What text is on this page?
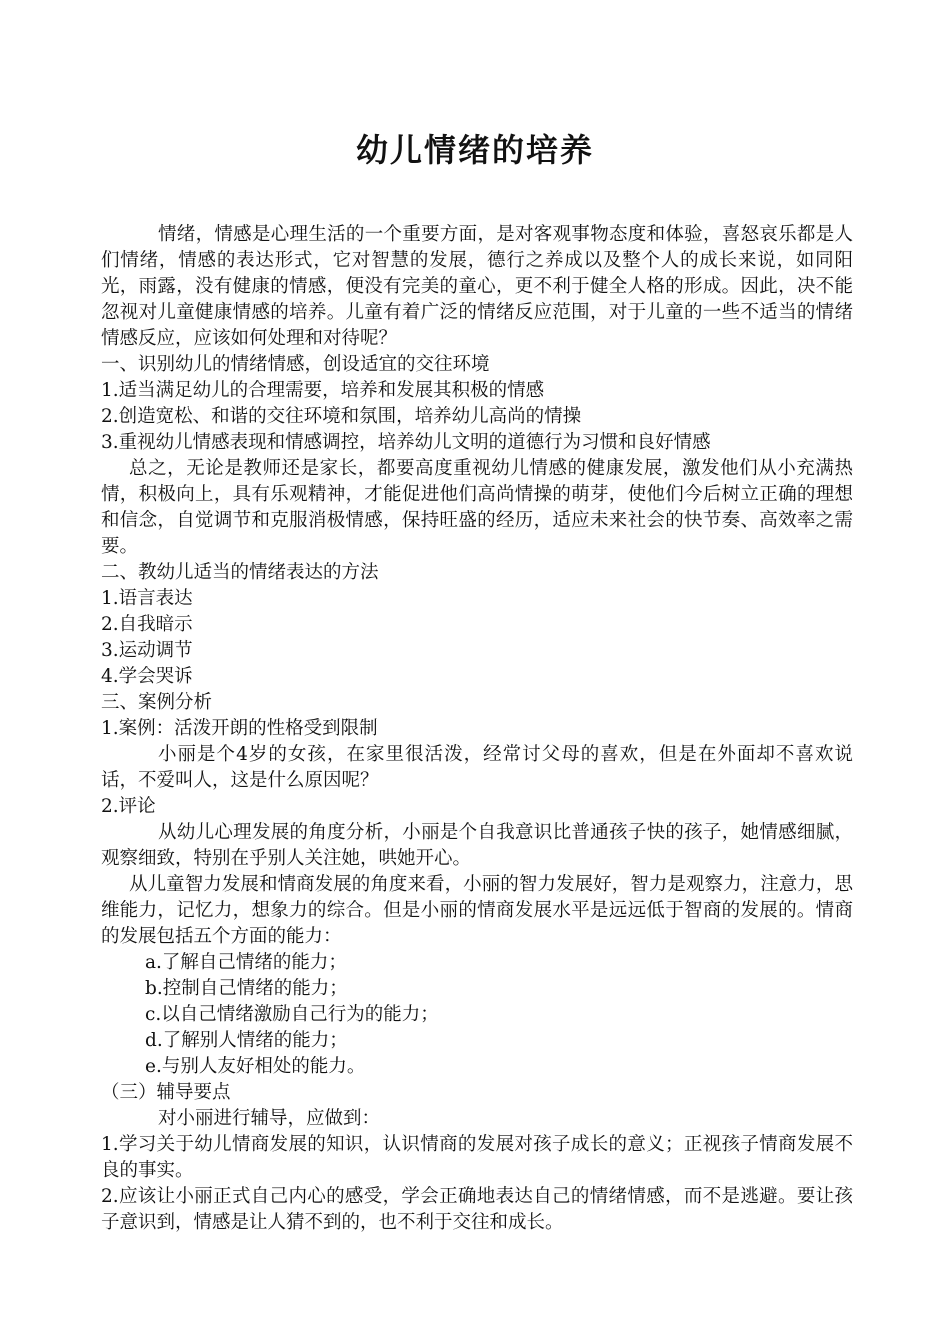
幼儿情绪的培养

情绪，情感是心理生活的一个重要方面，是对客观事物态度和体验，喜怒哀乐都是人们情绪，情感的表达形式，它对智慧的发展，德行之养成以及整个人的成长来说，如同阳光，雨露，没有健康的情感，便没有完美的童心，更不利于健全人格的形成。因此，决不能忽视对儿童健康情感的培养。儿童有着广泛的情绪反应范围，对于儿童的一些不适当的情绪情感反应，应该如何处理和对待呢？

一、识别幼儿的情绪情感，创设适宜的交往环境

1.适当满足幼儿的合理需要，培养和发展其积极的情感

2.创造宽松、和谐的交往环境和氛围，培养幼儿高尚的情操

3.重视幼儿情感表现和情感调控，培养幼儿文明的道德行为习惯和良好情感

总之，无论是教师还是家长，都要高度重视幼儿情感的健康发展，激发他们从小充满热情，积极向上，具有乐观精神，才能促进他们高尚情操的萌芽，使他们今后树立正确的理想和信念，自觉调节和克服消极情感，保持旺盛的经历，适应未来社会的快节奏、高效率之需要。

二、教幼儿适当的情绪表达的方法

1.语言表达

2.自我暗示

3.运动调节

4.学会哭诉

三、案例分析

1.案例：活泼开朗的性格受到限制

小丽是个4岁的女孩，在家里很活泼，经常讨父母的喜欢，但是在外面却不喜欢说话，不爱叫人，这是什么原因呢？

2.评论

从幼儿心理发展的角度分析，小丽是个自我意识比普通孩子快的孩子，她情感细腻，观察细致，特别在乎别人关注她，哄她开心。

从儿童智力发展和情商发展的角度来看，小丽的智力发展好，智力是观察力，注意力，思维能力，记忆力，想象力的综合。但是小丽的情商发展水平是远远低于智商的发展的。情商的发展包括五个方面的能力：

a.了解自己情绪的能力；

b.控制自己情绪的能力；

c.以自己情绪激励自己行为的能力；

d.了解别人情绪的能力；

e.与别人友好相处的能力。

（三）辅导要点

对小丽进行辅导，应做到：

1.学习关于幼儿情商发展的知识，认识情商的发展对孩子成长的意义；正视孩子情商发展不良的事实。

2.应该让小丽正式自己内心的感受，学会正确地表达自己的情绪情感，而不是逃避。要让孩子意识到，情感是让人猜不到的，也不利于交往和成长。
